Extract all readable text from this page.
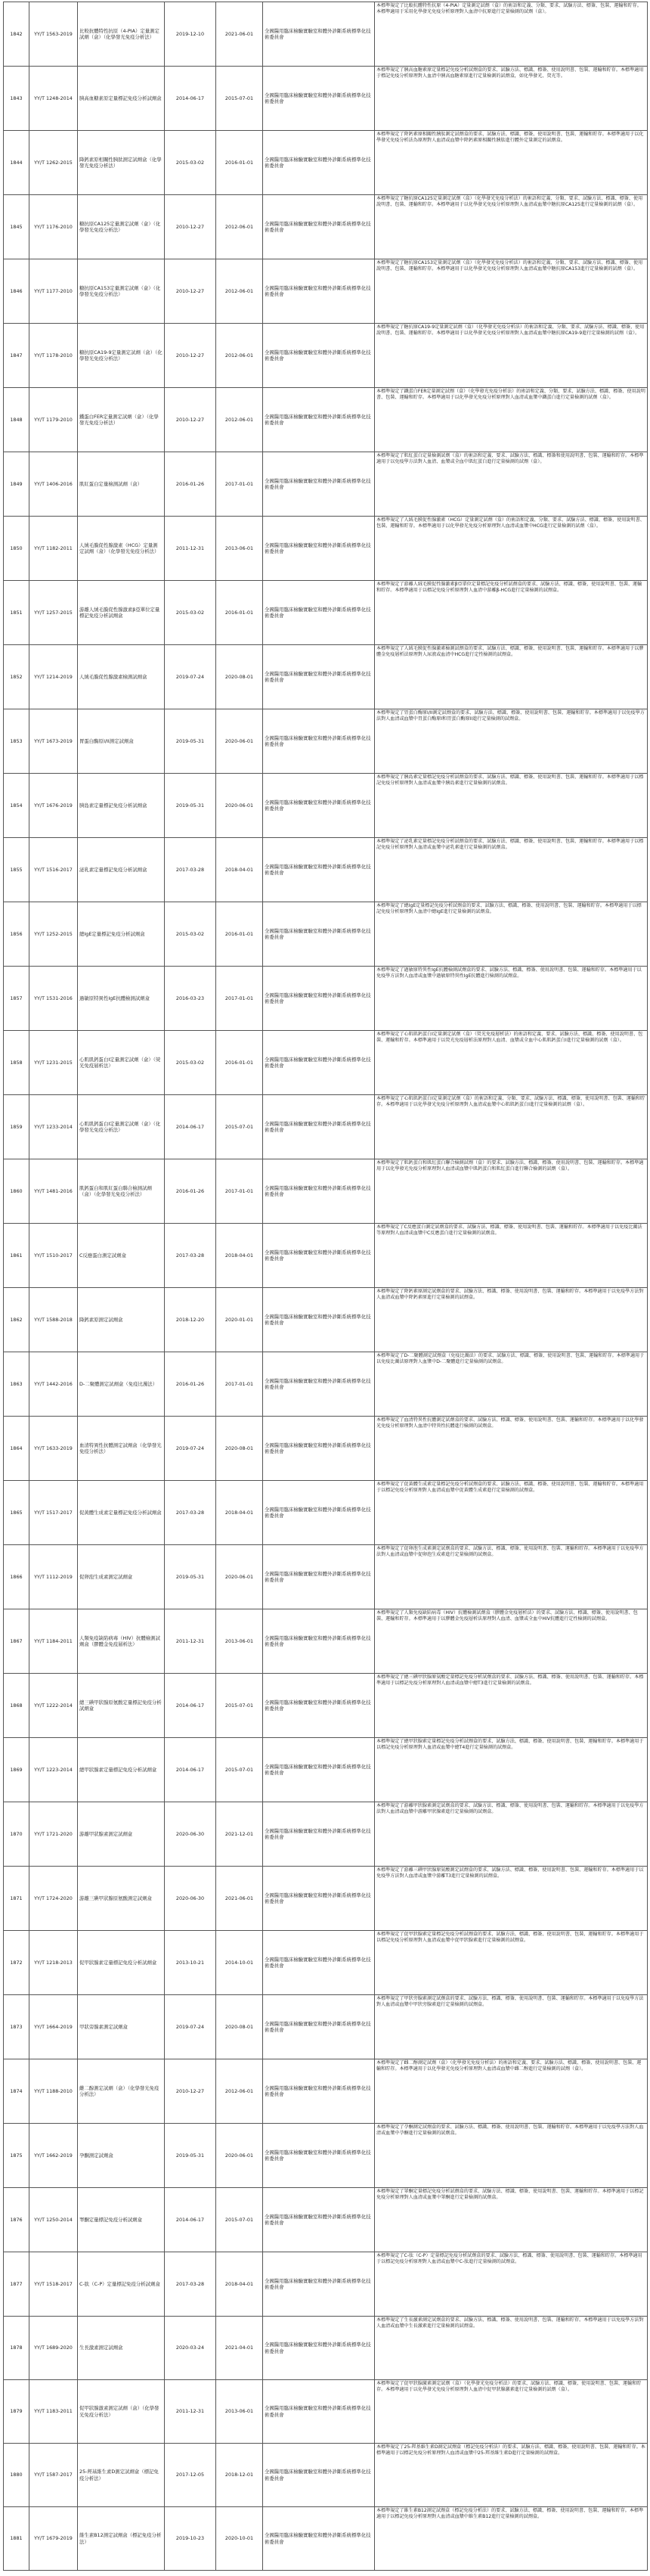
1842	YY/T 1563-2019	比較抗體特性抗原（4-PIA）定量測定試劑（盒）（化學發光免疫分析法）	2019-12-10	2021-06-01	全國醫用臨床檢驗實驗室和體外診斷系統標準化技術委員會	本標準規定了比較抗體特性抗原（4-PIA）定量測定試劑（盒）的術語和定義、分類、要求、試驗方法、標簽、包裝、運輸和貯存。本標準適用于采用化學發光免疫分析原理對人血清中抗原進行定量檢測的試劑（盒）。
1843	YY/T 1248-2014	胰高血糖素原定量標記免疫分析試劑盒	2014-06-17	2015-07-01	全國醫用臨床檢驗實驗室和體外診斷系統標準化技術委員會	本標準規定了胰高血糖素原定量標記免疫分析試劑盒的要求、試驗方法、標識、標簽、使用說明書、包裝、運輸和貯存。本標準適用于標記免疫分析原理對人血清中胰高血糖素原進行定量檢測的試劑盒，如化學發光、熒光等。
1844	YY/T 1262-2015	降鈣素原相關性胰肽測定試劑盒（化學發光免疫分析法）	2015-03-02	2016-01-01	全國醫用臨床檢驗實驗室和體外診斷系統標準化技術委員會	本標準規定了降鈣素原相關性胰肽測定試劑盒的要求、試驗方法、標識、標簽、使用說明書、包裝、運輸和貯存。本標準適用于以化學發光免疫分析法為原理對人血清或血漿中降鈣素原相關性胰肽進行體外定量測定的試劑盒。
1845	YY/T 1176-2010	糖抗原CA125定量測定試劑（盒）（化學發光免疫分析法）	2010-12-27	2012-06-01	全國醫用臨床檢驗實驗室和體外診斷系統標準化技術委員會	本標準規定了糖抗原CA125定量測定試劑（盒）（化學發光免疫分析法）的術語和定義、分類、要求、試驗方法、標識、標簽、使用說明書、包裝、運輸和貯存。本標準適用于以化學發光免疫分析原理對人血清或血漿中糖抗原CA125進行定量檢測的試劑（盒）。
1846	YY/T 1177-2010	糖抗原CA153定量測定試劑（盒）（化學發光免疫分析法）	2010-12-27	2012-06-01	全國醫用臨床檢驗實驗室和體外診斷系統標準化技術委員會	本標準規定了糖抗原CA153定量測定試劑（盒）（化學發光免疫分析法）的術語和定義、分類、要求、試驗方法、標識、標簽、使用說明書、包裝、運輸和貯存。本標準適用于以化學發光免疫分析原理對人血清或血漿中糖抗原CA153進行定量檢測的試劑（盒）。
1847	YY/T 1178-2010	糖抗原CA19-9定量測定試劑（盒）（化學發光免疫分析法）	2010-12-27	2012-06-01	全國醫用臨床檢驗實驗室和體外診斷系統標準化技術委員會	本標準規定了糖抗原CA19-9定量測定試劑（盒）（化學發光免疫分析法）的術語和定義、分類、要求、試驗方法、標識、標簽、使用說明書、包裝、運輸和貯存。本標準適用于以化學發光免疫分析原理對人血清或血漿中糖抗原CA19-9進行定量檢測的試劑（盒）。
1848	YY/T 1179-2010	鐵蛋白FER定量測定試劑（盒）（化學發光免疫分析法）	2010-12-27	2012-06-01	全國醫用臨床檢驗實驗室和體外診斷系統標準化技術委員會	本標準規定了鐵蛋白FER定量測定試劑（盒）（化學發光免疫分析法）的術語和定義、分類、要求、試驗方法、標識、標簽、使用說明書、包裝、運輸和貯存。本標準適用于以化學發光免疫分析原理對人血清或血漿中鐵蛋白進行定量檢測的試劑（盒）。
1849	YY/T 1406-2016	肌紅蛋白定量檢測試劑（盒）	2016-01-26	2017-01-01	全國醫用臨床檢驗實驗室和體外診斷系統標準化技術委員會	本標準規定了肌紅蛋白定量檢測試劑（盒）的術語和定義、要求、試驗方法、標識、標簽和使用說明書、包裝、運輸和貯存。本標準適用于以免疫學方法對人血清、血漿或全血中肌紅蛋白進行定量檢測的試劑（盒）。
1850	YY/T 1182-2011	人絨毛膜促性腺激素（HCG）定量測定試劑（盒）（化學發光免疫分析法）	2011-12-31	2013-06-01	全國醫用臨床檢驗實驗室和體外診斷系統標準化技術委員會	本標準規定了人絨毛膜促性腺激素（HCG）定量測定試劑（盒）的術語和定義、分類、要求、試驗方法、標識、標簽、使用說明書、包裝、運輸和貯存。本標準適用于以化學發光免疫分析原理對人血清或血漿中HCG進行定量檢測的試劑（盒）。
1851	YY/T 1257-2015	游離人絨毛膜促性腺激素β亞單位定量標記免疫分析試劑盒	2015-03-02	2016-01-01	全國醫用臨床檢驗實驗室和體外診斷系統標準化技術委員會	本標準規定了游離人絨毛膜促性腺激素β亞單位定量標記免疫分析試劑盒的要求、試驗方法、標識、標簽、使用說明書、包裝、運輸和貯存。本標準適用于以標記免疫分析原理對人血清中游離β-HCG進行定量檢測的試劑盒。
1852	YY/T 1214-2019	人絨毛膜促性腺激素檢測試劑盒	2019-07-24	2020-08-01	全國醫用臨床檢驗實驗室和體外診斷系統標準化技術委員會	本標準規定了人絨毛膜促性腺激素檢測試劑盒的要求、試驗方法、標識、標簽、使用說明書、包裝、運輸和貯存。本標準適用于以膠體金免疫層析法原理對人尿液或血清中HCG進行定性檢測的試劑盒。
1853	YY/T 1673-2019	胃蛋白酶原I/II測定試劑盒	2019-05-31	2020-06-01	全國醫用臨床檢驗實驗室和體外診斷系統標準化技術委員會	本標準規定了胃蛋白酶原I/II測定試劑盒的要求、試驗方法、標識、標簽、使用說明書、包裝、運輸和貯存。本標準適用于以免疫學方法對人血清或血漿中胃蛋白酶原I和胃蛋白酶原II進行定量檢測的試劑盒。
1854	YY/T 1676-2019	胰島素定量標記免疫分析試劑盒	2019-05-31	2020-06-01	全國醫用臨床檢驗實驗室和體外診斷系統標準化技術委員會	本標準規定了胰島素定量標記免疫分析試劑盒的要求、試驗方法、標識、標簽、使用說明書、包裝、運輸和貯存。本標準適用于以標記免疫分析原理對人血清或血漿中胰島素進行定量檢測的試劑盒。
1855	YY/T 1516-2017	泌乳素定量標記免疫分析試劑盒	2017-03-28	2018-04-01	全國醫用臨床檢驗實驗室和體外診斷系統標準化技術委員會	本標準規定了泌乳素定量標記免疫分析試劑盒的要求、試驗方法、標識、標簽、使用說明書、包裝、運輸和貯存。本標準適用于以標記免疫分析原理對人血清或血漿中泌乳素進行定量檢測的試劑盒。
1856	YY/T 1252-2015	總IgE定量標記免疫分析試劑盒	2015-03-02	2016-01-01	全國醫用臨床檢驗實驗室和體外診斷系統標準化技術委員會	本標準規定了總IgE定量標記免疫分析試劑盒的要求、試驗方法、標識、標簽、使用說明書、包裝、運輸和貯存。本標準適用于以標記免疫分析原理對人血清中總IgE進行定量檢測的試劑盒。
1857	YY/T 1531-2016	過敏原特異性IgE抗體檢測試劑盒	2016-03-23	2017-01-01	全國醫用臨床檢驗實驗室和體外診斷系統標準化技術委員會	本標準規定了過敏原特異性IgE抗體檢測試劑盒的要求、試驗方法、標識、標簽、使用說明書、包裝、運輸和貯存。本標準適用于以免疫學方法對人血清或血漿中過敏原特異性IgE抗體進行檢測的試劑盒。
1858	YY/T 1231-2015	心肌肌鈣蛋白I定量測定試劑（盒）（熒光免疫層析法）	2015-03-02	2016-01-01	全國醫用臨床檢驗實驗室和體外診斷系統標準化技術委員會	本標準規定了心肌肌鈣蛋白I定量測定試劑（盒）（熒光免疫層析法）的術語和定義、要求、試驗方法、標識、標簽、使用說明書、包裝、運輸和貯存。本標準適用于以熒光免疫層析法原理對人血清、血漿或全血中心肌肌鈣蛋白I進行定量檢測的試劑（盒）。
1859	YY/T 1233-2014	心肌肌鈣蛋白I定量測定試劑（盒）（化學發光免疫分析法）	2014-06-17	2015-07-01	全國醫用臨床檢驗實驗室和體外診斷系統標準化技術委員會	本標準規定了心肌肌鈣蛋白I定量測定試劑（盒）的術語和定義、分類、要求、試驗方法、標識、標簽、使用說明書、包裝、運輸和貯存。本標準適用于以化學發光免疫分析原理對人血清或血漿中心肌肌鈣蛋白I進行定量檢測的試劑（盒）。
1860	YY/T 1481-2016	肌鈣蛋白和肌紅蛋白聯合檢測試劑（盒）（化學發光免疫分析法）	2016-01-26	2017-01-01	全國醫用臨床檢驗實驗室和體外診斷系統標準化技術委員會	本標準規定了肌鈣蛋白和肌紅蛋白聯合檢測試劑（盒）的要求、試驗方法、標識、標簽、使用說明書、包裝、運輸和貯存。本標準適用于以化學發光免疫分析原理對人血清或血漿中肌鈣蛋白和肌紅蛋白進行聯合檢測的試劑（盒）。
1861	YY/T 1510-2017	C反應蛋白測定試劑盒	2017-03-28	2018-04-01	全國醫用臨床檢驗實驗室和體外診斷系統標準化技術委員會	本標準規定了C反應蛋白測定試劑盒的要求、試驗方法、標識、標簽、使用說明書、包裝、運輸和貯存。本標準適用于以免疫比濁法等原理對人血清或血漿中C反應蛋白進行定量檢測的試劑盒。
1862	YY/T 1588-2018	降鈣素原測定試劑盒	2018-12-20	2020-01-01	全國醫用臨床檢驗實驗室和體外診斷系統標準化技術委員會	本標準規定了降鈣素原測定試劑盒的要求、試驗方法、標識、標簽、使用說明書、包裝、運輸和貯存。本標準適用于以免疫學方法對人血清或血漿中降鈣素原進行定量檢測的試劑盒。
1863	YY/T 1442-2016	D-二聚體測定試劑盒（免疫比濁法）	2016-01-26	2017-01-01	全國醫用臨床檢驗實驗室和體外診斷系統標準化技術委員會	本標準規定了D-二聚體測定試劑盒（免疫比濁法）的要求、試驗方法、標識、標簽、使用說明書、包裝、運輸和貯存。本標準適用于以免疫比濁法原理對人血漿中D-二聚體進行定量檢測的試劑盒。
1864	YY/T 1633-2019	血清特異性抗體測定試劑盒（化學發光免疫分析法）	2019-07-24	2020-08-01	全國醫用臨床檢驗實驗室和體外診斷系統標準化技術委員會	本標準規定了血清特異性抗體測定試劑盒的要求、試驗方法、標識、標簽、使用說明書、包裝、運輸和貯存。本標準適用于以化學發光免疫分析原理對人血清中特異性抗體進行檢測的試劑盒。
1865	YY/T 1517-2017	促黃體生成素定量標記免疫分析試劑盒	2017-03-28	2018-04-01	全國醫用臨床檢驗實驗室和體外診斷系統標準化技術委員會	本標準規定了促黃體生成素定量標記免疫分析試劑盒的要求、試驗方法、標識、標簽、使用說明書、包裝、運輸和貯存。本標準適用于以標記免疫分析原理對人血清或血漿中促黃體生成素進行定量檢測的試劑盒。
1866	YY/T 1112-2019	促卵泡生成素測定試劑盒	2019-05-31	2020-06-01	全國醫用臨床檢驗實驗室和體外診斷系統標準化技術委員會	本標準規定了促卵泡生成素測定試劑盒的要求、試驗方法、標識、標簽、使用說明書、包裝、運輸和貯存。本標準適用于以免疫學方法對人血清或血漿中促卵泡生成素進行定量檢測的試劑盒。
1867	YY/T 1184-2011	人類免疫缺陷病毒（HIV）抗體檢測試劑盒（膠體金免疫層析法）	2011-12-31	2013-06-01	全國醫用臨床檢驗實驗室和體外診斷系統標準化技術委員會	本標準規定了人類免疫缺陷病毒（HIV）抗體檢測試劑盒（膠體金免疫層析法）的要求、試驗方法、標識、標簽、使用說明書、包裝、運輸和貯存。本標準適用于以膠體金免疫層析法原理對人血清、血漿或全血中HIV抗體進行定性檢測的試劑盒。
1868	YY/T 1222-2014	總三碘甲狀腺原氨酸定量標記免疫分析試劑盒	2014-06-17	2015-07-01	全國醫用臨床檢驗實驗室和體外診斷系統標準化技術委員會	本標準規定了總三碘甲狀腺原氨酸定量標記免疫分析試劑盒的要求、試驗方法、標識、標簽、使用說明書、包裝、運輸和貯存。本標準適用于以標記免疫分析原理對人血清或血漿中總T3進行定量檢測的試劑盒。
1869	YY/T 1223-2014	總甲狀腺素定量標記免疫分析試劑盒	2014-06-17	2015-07-01	全國醫用臨床檢驗實驗室和體外診斷系統標準化技術委員會	本標準規定了總甲狀腺素定量標記免疫分析試劑盒的要求、試驗方法、標識、標簽、使用說明書、包裝、運輸和貯存。本標準適用于以標記免疫分析原理對人血清或血漿中總T4進行定量檢測的試劑盒。
1870	YY/T 1721-2020	游離甲狀腺素測定試劑盒	2020-06-30	2021-12-01	全國醫用臨床檢驗實驗室和體外診斷系統標準化技術委員會	本標準規定了游離甲狀腺素測定試劑盒的要求、試驗方法、標識、標簽、使用說明書、包裝、運輸和貯存。本標準適用于以免疫學方法對人血清或血漿中游離甲狀腺素進行定量檢測的試劑盒。
1871	YY/T 1724-2020	游離三碘甲狀腺原氨酸測定試劑盒	2020-06-30	2021-06-01	全國醫用臨床檢驗實驗室和體外診斷系統標準化技術委員會	本標準規定了游離三碘甲狀腺原氨酸測定試劑盒的要求、試驗方法、標識、標簽、使用說明書、包裝、運輸和貯存。本標準適用于以免疫學方法對人血清或血漿中游離T3進行定量檢測的試劑盒。
1872	YY/T 1218-2013	促甲狀腺素定量標記免疫分析試劑盒	2013-10-21	2014-10-01	全國醫用臨床檢驗實驗室和體外診斷系統標準化技術委員會	本標準規定了促甲狀腺素定量標記免疫分析試劑盒的要求、試驗方法、標識、標簽、使用說明書、包裝、運輸和貯存。本標準適用于以標記免疫分析原理對人血清或血漿中促甲狀腺素進行定量檢測的試劑盒。
1873	YY/T 1664-2019	甲狀旁腺素測定試劑盒	2019-07-24	2020-08-01	全國醫用臨床檢驗實驗室和體外診斷系統標準化技術委員會	本標準規定了甲狀旁腺素測定試劑盒的要求、試驗方法、標識、標簽、使用說明書、包裝、運輸和貯存。本標準適用于以免疫學方法對人血清或血漿中甲狀旁腺素進行定量檢測的試劑盒。
1874	YY/T 1188-2010	雌二醇測定試劑（盒）（化學發光免疫分析法）	2010-12-27	2012-06-01	全國醫用臨床檢驗實驗室和體外診斷系統標準化技術委員會	本標準規定了雌二醇測定試劑（盒）（化學發光免疫分析法）的術語和定義、要求、試驗方法、標識、標簽、使用說明書、包裝、運輸和貯存。本標準適用于以化學發光免疫分析原理對人血清或血漿中雌二醇進行定量檢測的試劑（盒）。
1875	YY/T 1662-2019	孕酮測定試劑盒	2019-05-31	2020-06-01	全國醫用臨床檢驗實驗室和體外診斷系統標準化技術委員會	本標準規定了孕酮測定試劑盒的要求、試驗方法、標識、標簽、使用說明書、包裝、運輸和貯存。本標準適用于以免疫學方法對人血清或血漿中孕酮進行定量檢測的試劑盒。
1876	YY/T 1250-2014	睪酮定量標記免疫分析試劑盒	2014-06-17	2015-07-01	全國醫用臨床檢驗實驗室和體外診斷系統標準化技術委員會	本標準規定了睪酮定量標記免疫分析試劑盒的要求、試驗方法、標識、標簽、使用說明書、包裝、運輸和貯存。本標準適用于以標記免疫分析原理對人血清或血漿中睪酮進行定量檢測的試劑盒。
1877	YY/T 1518-2017	C-肽（C-P）定量標記免疫分析試劑盒	2017-03-28	2018-04-01	全國醫用臨床檢驗實驗室和體外診斷系統標準化技術委員會	本標準規定了C-肽（C-P）定量標記免疫分析試劑盒的要求、試驗方法、標識、標簽、使用說明書、包裝、運輸和貯存。本標準適用于以標記免疫分析原理對人血清或血漿中C-肽進行定量檢測的試劑盒。
1878	YY/T 1689-2020	生長激素測定試劑盒	2020-03-24	2021-04-01	全國醫用臨床檢驗實驗室和體外診斷系統標準化技術委員會	本標準規定了生長激素測定試劑盒的要求、試驗方法、標識、標簽、使用說明書、包裝、運輸和貯存。本標準適用于以免疫學方法對人血清或血漿中生長激素進行定量檢測的試劑盒。
1879	YY/T 1183-2011	促甲狀腺激素測定試劑（盒）（化學發光免疫分析法）	2011-12-31	2013-06-01	全國醫用臨床檢驗實驗室和體外診斷系統標準化技術委員會	本標準規定了促甲狀腺激素測定試劑（盒）（化學發光免疫分析法）的要求、試驗方法、標識、標簽、使用說明書、包裝、運輸和貯存。本標準適用于以化學發光免疫分析原理對人血清中促甲狀腺激素進行定量檢測的試劑（盒）。
1880	YY/T 1587-2017	25-羥基維生素D測定試劑盒（標記免疫分析法）	2017-12-05	2018-12-01	全國醫用臨床檢驗實驗室和體外診斷系統標準化技術委員會	本標準規定了25-羥基維生素D測定試劑盒（標記免疫分析法）的要求、試驗方法、標識、標簽、使用說明書、包裝、運輸和貯存。本標準適用于以標記免疫分析原理對人血清或血漿中25-羥基維生素D進行定量檢測的試劑盒。
1881	YY/T 1679-2019	維生素B12測定試劑盒（標記免疫分析法）	2019-10-23	2020-10-01	全國醫用臨床檢驗實驗室和體外診斷系統標準化技術委員會	本標準規定了維生素B12測定試劑盒（標記免疫分析法）的要求、試驗方法、標識、標簽、使用說明書、包裝、運輸和貯存。本標準適用于以標記免疫分析原理對人血清或血漿中維生素B12進行定量檢測的試劑盒。
